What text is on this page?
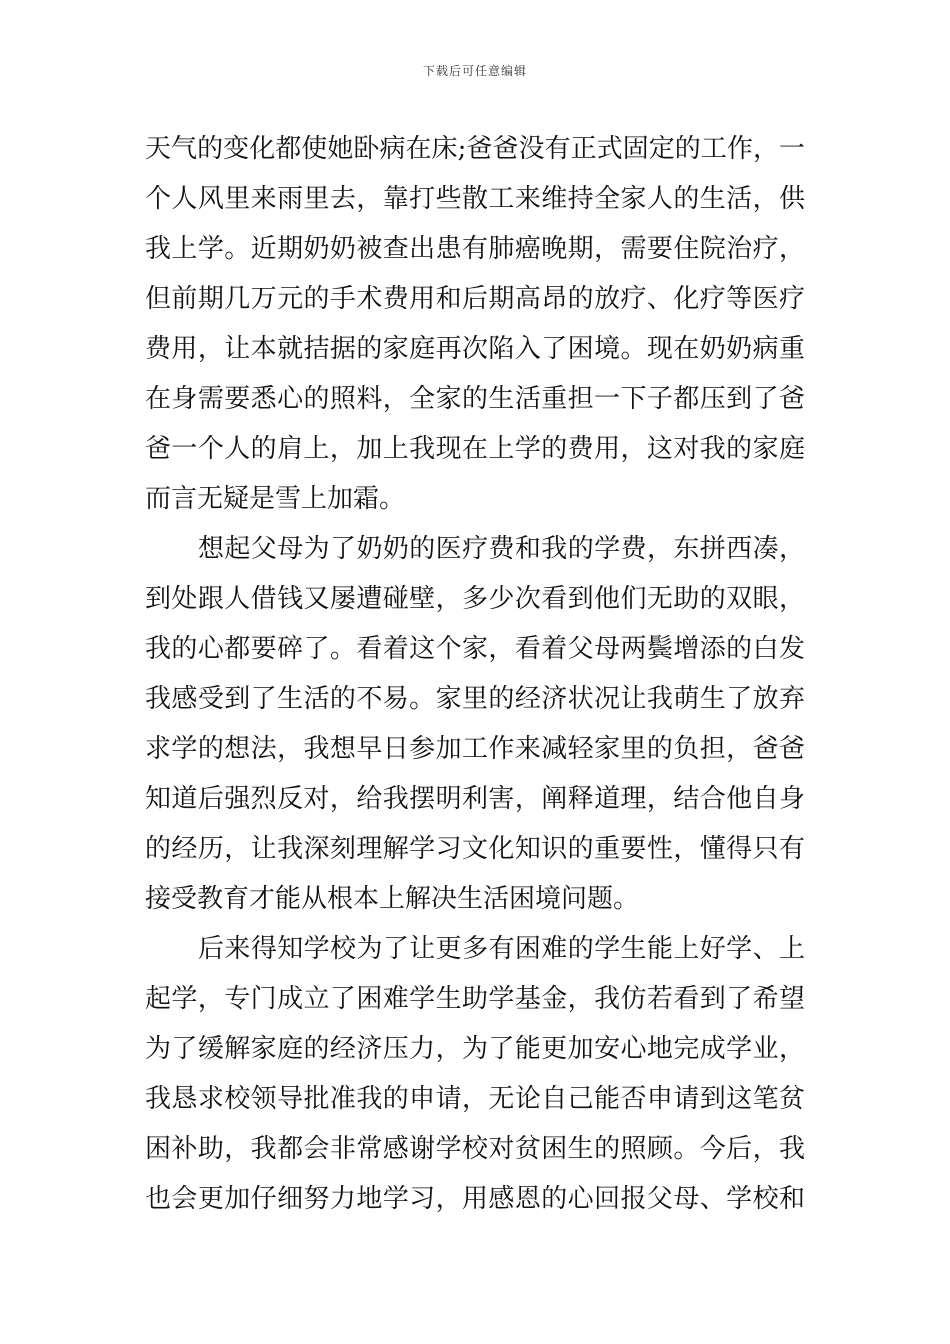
下载后可任意编辑
天气的变化都使她卧病在床;爸爸没有正式固定的工作，一
个人风里来雨里去，靠打些散工来维持全家人的生活，供
我上学。近期奶奶被查出患有肺癌晚期，需要住院治疗，
但前期几万元的手术费用和后期高昂的放疗、化疗等医疗
费用，让本就拮据的家庭再次陷入了困境。现在奶奶病重
在身需要悉心的照料，全家的生活重担一下子都压到了爸
爸一个人的肩上，加上我现在上学的费用，这对我的家庭
而言无疑是雪上加霜。
想起父母为了奶奶的医疗费和我的学费，东拼西凑，
到处跟人借钱又屡遭碰壁，多少次看到他们无助的双眼，
我的心都要碎了。看着这个家，看着父母两鬓增添的白发
我感受到了生活的不易。家里的经济状况让我萌生了放弃
求学的想法，我想早日参加工作来减轻家里的负担，爸爸
知道后强烈反对，给我摆明利害，阐释道理，结合他自身
的经历，让我深刻理解学习文化知识的重要性，懂得只有
接受教育才能从根本上解决生活困境问题。
后来得知学校为了让更多有困难的学生能上好学、上
起学，专门成立了困难学生助学基金，我仿若看到了希望
为了缓解家庭的经济压力，为了能更加安心地完成学业，
我恳求校领导批准我的申请，无论自己能否申请到这笔贫
困补助，我都会非常感谢学校对贫困生的照顾。今后，我
也会更加仔细努力地学习，用感恩的心回报父母、学校和
